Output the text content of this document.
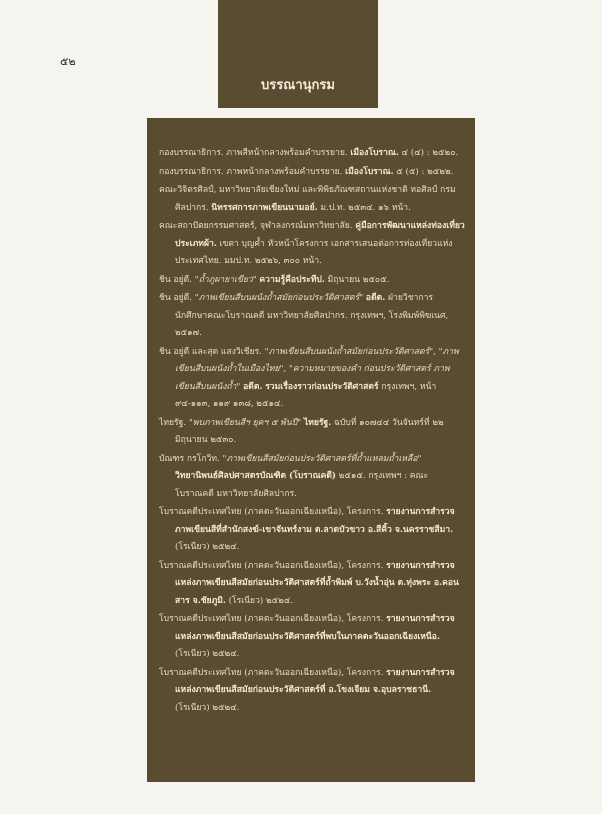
๕๒
บรรณานุกรม
กองบรรณาธิการ. ภาพสีหน้ากลางพร้อมคำบรรยาย. เมืองโบราณ. ๔ (๔) : ๒๕๒๐.
กองบรรณาธิการ. ภาพหน้ากลางพร้อมคำบรรยาย. เมืองโบราณ. ๕ (๕) : ๒๕๒๒.
คณะวิจิตรศิลป์, มหาวิทยาลัยเชียงใหม่ และพิพิธภัณฑสถานแห่งชาติ หอศิลป์ กรมศิลปากร. นิทรรศการภาพเขียนนามอย์. ม.ป.ท. ๒๕๓๔. ๑๖ หน้า.
คณะสถาปัตยกรรมศาสตร์, จุฬาลงกรณ์มหาวิทยาลัย. คู่มือการพัฒนาแหล่งท่องเที่ยวประเภทผ้า. เขตา บุญค้ำ หัวหน้าโครงการ เอกสารเสนอต่อการท่องเที่ยวแห่งประเทศไทย. มมป.ท. ๒๕๒๖, ๓๐๐ หน้า.
ชิน อยู่ดี. "ถ้ำภูผายาเขียว" ความรู้คือประทีป. มิถุนายน ๒๕๐๕.
ชิน อยู่ดี. "ภาพเขียนสีบนผนังถ้ำสมัยก่อนประวัติศาสตร์" อดีต. ฝ่ายวิชาการนักศึกษาคณะโบราณคดี มหาวิทยาลัยศิลปากร. กรุงเทพฯ, โรงพิมพ์พิฆเนศ, ๒๕๑๗.
ชิน อยู่ดี และสุด แสงวิเชียร. "ภาพเขียนสีบนผนังถ้ำสมัยก่อนประวัติศาสตร์", "ภาพเขียนสีบนผนังถ้ำในเมืองไทย", "ความหมายของคำ ก่อนประวัติศาสตร์ ภาพเขียนสีบนผนังถ้ำ" อดีต. รวมเรื่องราวก่อนประวัติศาสตร์ กรุงเทพฯ, หน้า ๙๔-๑๑๓, ๑๑๙ ๑๓๘, ๒๕๑๔.
ไทยรัฐ. "พบภาพเขียนสีฯ ยุคฯ ๕ พันปี" ไทยรัฐ. ฉบับที่ ๑๐๗๔๔ วันจันทร์ที่ ๒๒ มิถุนายน ๒๕๓๐.
บัณฑร กรโกวิท. "ภาพเขียนสีสมัยก่อนประวัติศาสตร์ที่ถ้ำแหลมถ้ำเหลือ" วิทยานิพนธ์ศิลปศาสตรบัณฑิต (โบราณคดี) ๒๕๑๕. กรุงเทพฯ : คณะโบราณคดี มหาวิทยาลัยศิลปากร.
โบราณคดีประเทศไทย (ภาคตะวันออกเฉียงเหนือ), โครงการ. รายงานการสำรวจภาพเขียนสีที่สำนักสงฆ์-เขาจันทร์งาม ต.ลาดบัวขาว อ.สีคิ้ว จ.นครราชสีมา. (โรเนียว) ๒๕๒๔.
โบราณคดีประเทศไทย (ภาคตะวันออกเฉียงเหนือ), โครงการ. รายงานการสำรวจแหล่งภาพเขียนสีสมัยก่อนประวัติศาสตร์ที่ถ้ำพิมพ์ บ.วังน้ำอุ่น ต.ทุ่งพระ อ.คอนสาร จ.ชัยภูมิ. (โรเนียว) ๒๕๒๔.
โบราณคดีประเทศไทย (ภาคตะวันออกเฉียงเหนือ), โครงการ. รายงานการสำรวจแหล่งภาพเขียนสีสมัยก่อนประวัติศาสตร์ที่พบในภาคตะวันออกเฉียงเหนือ. (โรเนียว) ๒๕๒๔.
โบราณคดีประเทศไทย (ภาคตะวันออกเฉียงเหนือ), โครงการ. รายงานการสำรวจแหล่งภาพเขียนสีสมัยก่อนประวัติศาสตร์ที่ อ.โขงเจียม จ.อุบลราชธานี. (โรเนียว) ๒๕๒๔.
